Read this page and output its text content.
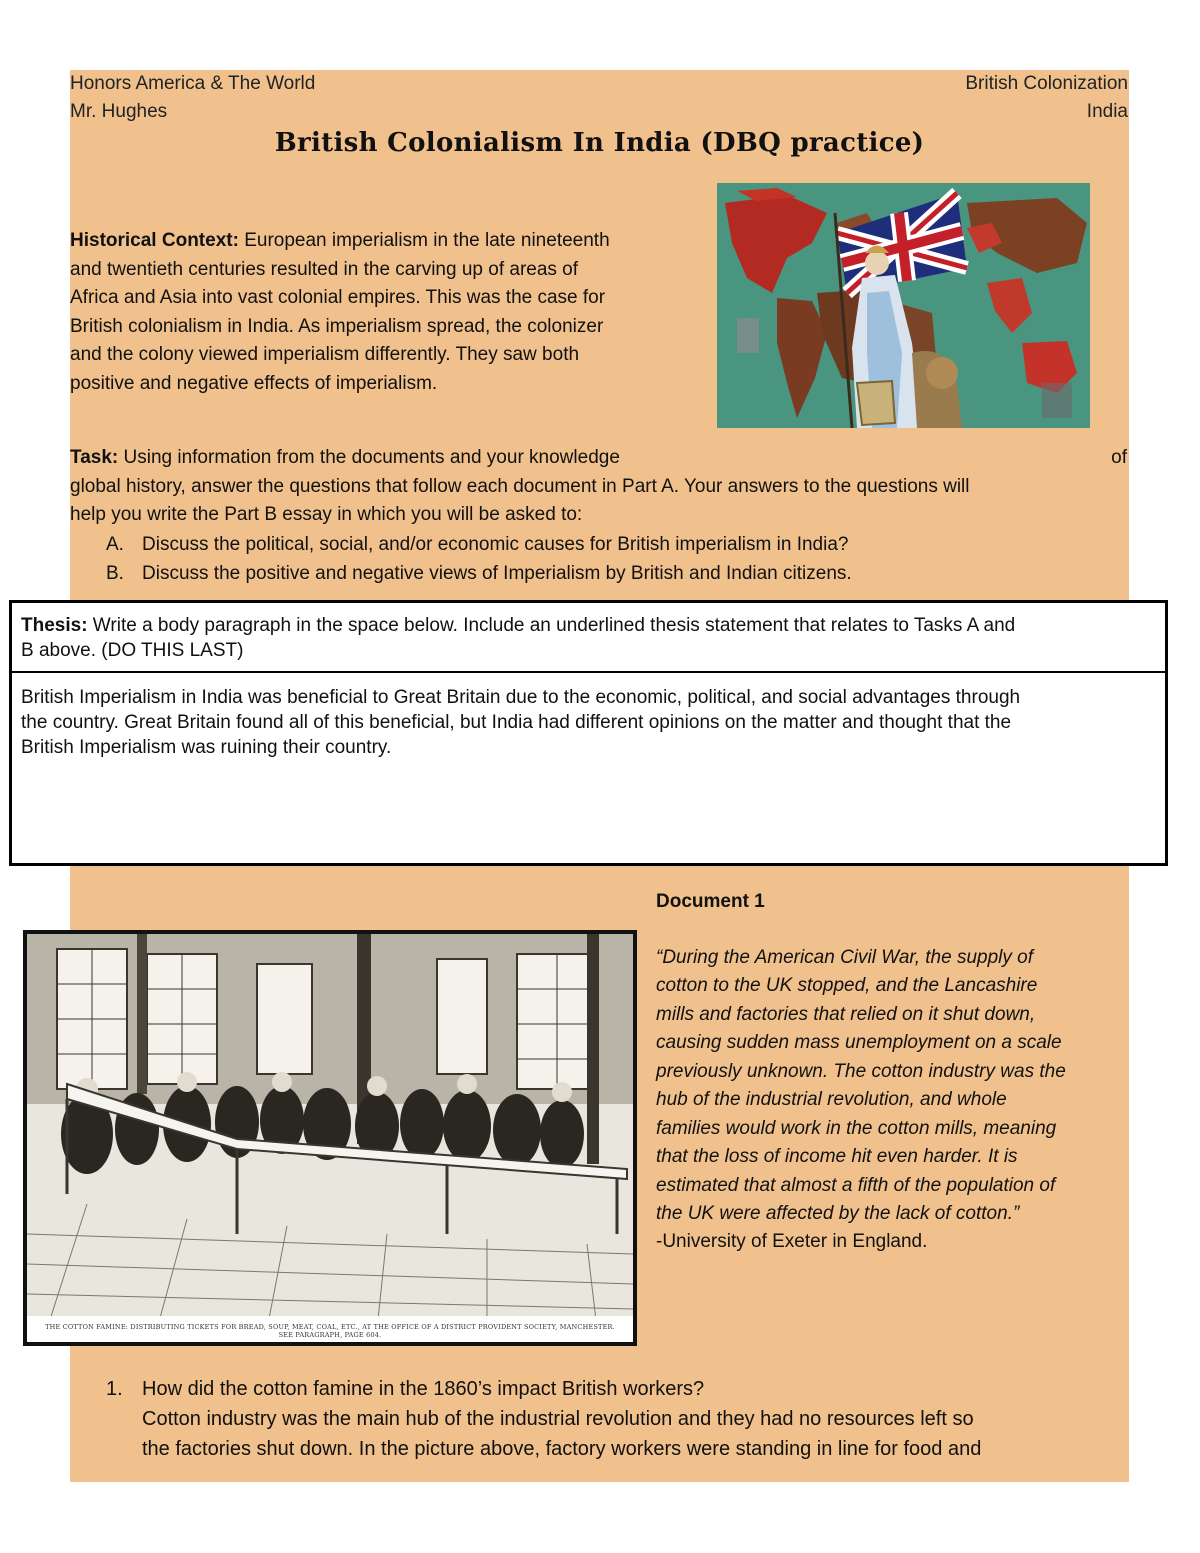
Honors America & The World
Mr. Hughes
British Colonization
India
British Colonialism In India (DBQ practice)
Historical Context: European imperialism in the late nineteenth
and twentieth centuries resulted in the carving up of areas of
Africa and Asia into vast colonial empires. This was the case for
British colonialism in India. As imperialism spread, the colonizer
and the colony viewed imperialism differently. They saw both
positive and negative effects of imperialism.
Task: Using information from the documents and your knowledge	of
global history, answer the questions that follow each document in Part A. Your answers to the questions will
help you write the Part B essay in which you will be asked to:
A. Discuss the political, social, and/or economic causes for British imperialism in India?
B. Discuss the positive and negative views of Imperialism by British and Indian citizens.
Thesis: Write a body paragraph in the space below. Include an underlined thesis statement that relates to Tasks A and
B above. (DO THIS LAST)
British Imperialism in India was beneficial to Great Britain due to the economic, political, and social advantages through
the country. Great Britain found all of this beneficial, but India had different opinions on the matter and thought that the
British Imperialism was ruining their country.
THE COTTON FAMINE: DISTRIBUTING TICKETS FOR BREAD, SOUP, MEAT, COAL, ETC., AT THE OFFICE OF A DISTRICT PROVIDENT SOCIETY, MANCHESTER.
SEE PARAGRAPH, PAGE 604.
Document 1
“During the American Civil War, the supply of
cotton to the UK stopped, and the Lancashire
mills and factories that relied on it shut down,
causing sudden mass unemployment on a scale
previously unknown. The cotton industry was the
hub of the industrial revolution, and whole
families would work in the cotton mills, meaning
that the loss of income hit even harder. It is
estimated that almost a fifth of the population of
the UK were affected by the lack of cotton.”
-University of Exeter in England.
1. How did the cotton famine in the 1860’s impact British workers?
Cotton industry was the main hub of the industrial revolution and they had no resources left so
the factories shut down. In the picture above, factory workers were standing in line for food and
